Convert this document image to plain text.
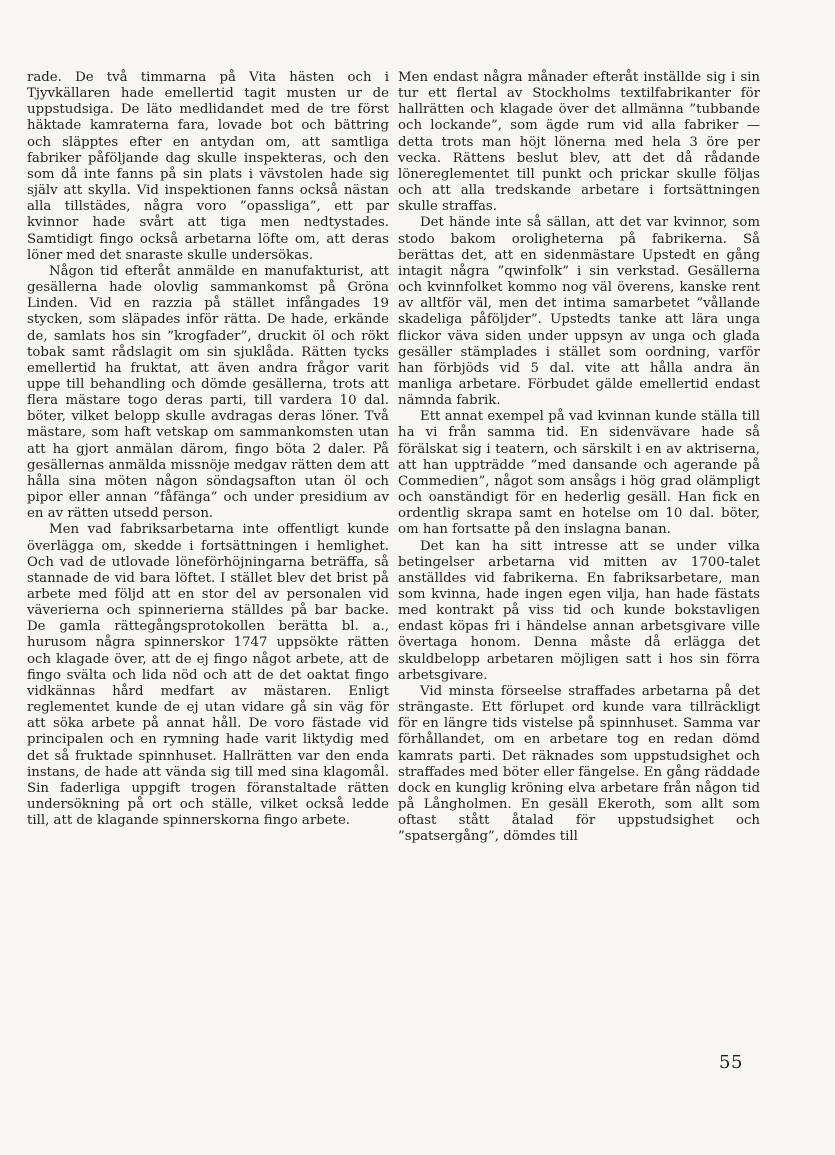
rade. De två timmarna på Vita hästen och i Tjyvkällaren hade emellertid tagit musten ur de uppstudsiga. De läto medlidandet med de tre först häktade kamraterna fara, lovade bot och bättring och släpptes efter en antydan om, att samtliga fabriker påföljande dag skulle inspekteras, och den som då inte fanns på sin plats i vävstolen hade sig själv att skylla. Vid inspektionen fanns också nästan alla tillstädes, några voro ”opassliga”, ett par kvinnor hade svårt att tiga men nedtystades. Samtidigt fingo också arbetarna löfte om, att deras löner med det snaraste skulle undersökas.

Någon tid efteråt anmälde en manufakturist, att gesällerna hade olovlig sammankomst på Gröna Linden. Vid en razzia på stället infångades 19 stycken, som släpades inför rätta. De hade, erkände de, samlats hos sin ”krogfader”, druckit öl och rökt tobak samt rådslagit om sin sjuklåda. Rätten tycks emellertid ha fruktat, att även andra frågor varit uppe till behandling och dömde gesällerna, trots att flera mästare togo deras parti, till vardera 10 dal. böter, vilket belopp skulle avdragas deras löner. Två mästare, som haft vetskap om sammankomsten utan att ha gjort anmälan därom, fingo böta 2 daler. På gesällernas anmälda missnöje medgav rätten dem att hålla sina möten någon söndagsafton utan öl och pipor eller annan ”fåfänga” och under presidium av en av rätten utsedd person.

Men vad fabriksarbetarna inte offentligt kunde överlägga om, skedde i fortsättningen i hemlighet. Och vad de utlovade löneförhöjningarna beträffa, så stannade de vid bara löftet. I stället blev det brist på arbete med följd att en stor del av personalen vid väverierna och spinnerierna ställdes på bar backe. De gamla rättegångsprotokollen berätta bl. a., hurusom några spinnerskor 1747 uppsökte rätten och klagade över, att de ej fingo något arbete, att de fingo svälta och lida nöd och att de det oaktat fingo vidkännas hård medfart av mästaren. Enligt reglementet kunde de ej utan vidare gå sin väg för att söka arbete på annat håll. De voro fästade vid principalen och en rymning hade varit liktydig med det så fruktade spinnhuset. Hallrätten var den enda instans, de hade att vända sig till med sina klagomål. Sin faderliga uppgift trogen föranstaltade rätten undersökning på ort och ställe, vilket också ledde till, att de klagande spinnerskorna fingo arbete.

Men endast några månader efteråt inställde sig i sin tur ett flertal av Stockholms textilfabrikanter för hallrätten och klagade över det allmänna ”tubbande och lockande”, som ägde rum vid alla fabriker — detta trots man höjt lönerna med hela 3 öre per vecka. Rättens beslut blev, att det då rådande lönereglementet till punkt och prickar skulle följas och att alla tredskande arbetare i fortsättningen skulle straffas.

Det hände inte så sällan, att det var kvinnor, som stodo bakom oroligheterna på fabrikerna. Så berättas det, att en sidenmästare Upstedt en gång intagit några ”qwinfolk” i sin verkstad. Gesällerna och kvinnfolket kommo nog väl överens, kanske rent av alltför väl, men det intima samarbetet ”vållande skadeliga påföljder”. Upstedts tanke att lära unga flickor väva siden under uppsyn av unga och glada gesäller stämplades i stället som oordning, varför han förbjöds vid 5 dal. vite att hålla andra än manliga arbetare. Förbudet gälde emellertid endast nämnda fabrik.

Ett annat exempel på vad kvinnan kunde ställa till ha vi från samma tid. En sidenvävare hade så förälskat sig i teatern, och särskilt i en av aktriserna, att han uppträdde ”med dansande och agerande på Commedien”, något som ansågs i hög grad olämpligt och oanständigt för en hederlig gesäll. Han fick en ordentlig skrapa samt en hotelse om 10 dal. böter, om han fortsatte på den inslagna banan.

Det kan ha sitt intresse att se under vilka betingelser arbetarna vid mitten av 1700-talet anställdes vid fabrikerna. En fabriksarbetare, man som kvinna, hade ingen egen vilja, han hade fästats med kontrakt på viss tid och kunde bokstavligen endast köpas fri i händelse annan arbetsgivare ville övertaga honom. Denna måste då erlägga det skuldbelopp arbetaren möjligen satt i hos sin förra arbetsgivare.

Vid minsta förseelse straffades arbetarna på det strängaste. Ett förlupet ord kunde vara tillräckligt för en längre tids vistelse på spinnhuset. Samma var förhållandet, om en arbetare tog en redan dömd kamrats parti. Det räknades som uppstudsighet och straffades med böter eller fängelse. En gång räddade dock en kunglig kröning elva arbetare från någon tid på Långholmen. En gesäll Ekeroth, som allt som oftast stått åtalad för uppstudsighet och ”spatsergång”, dömdes till

55
